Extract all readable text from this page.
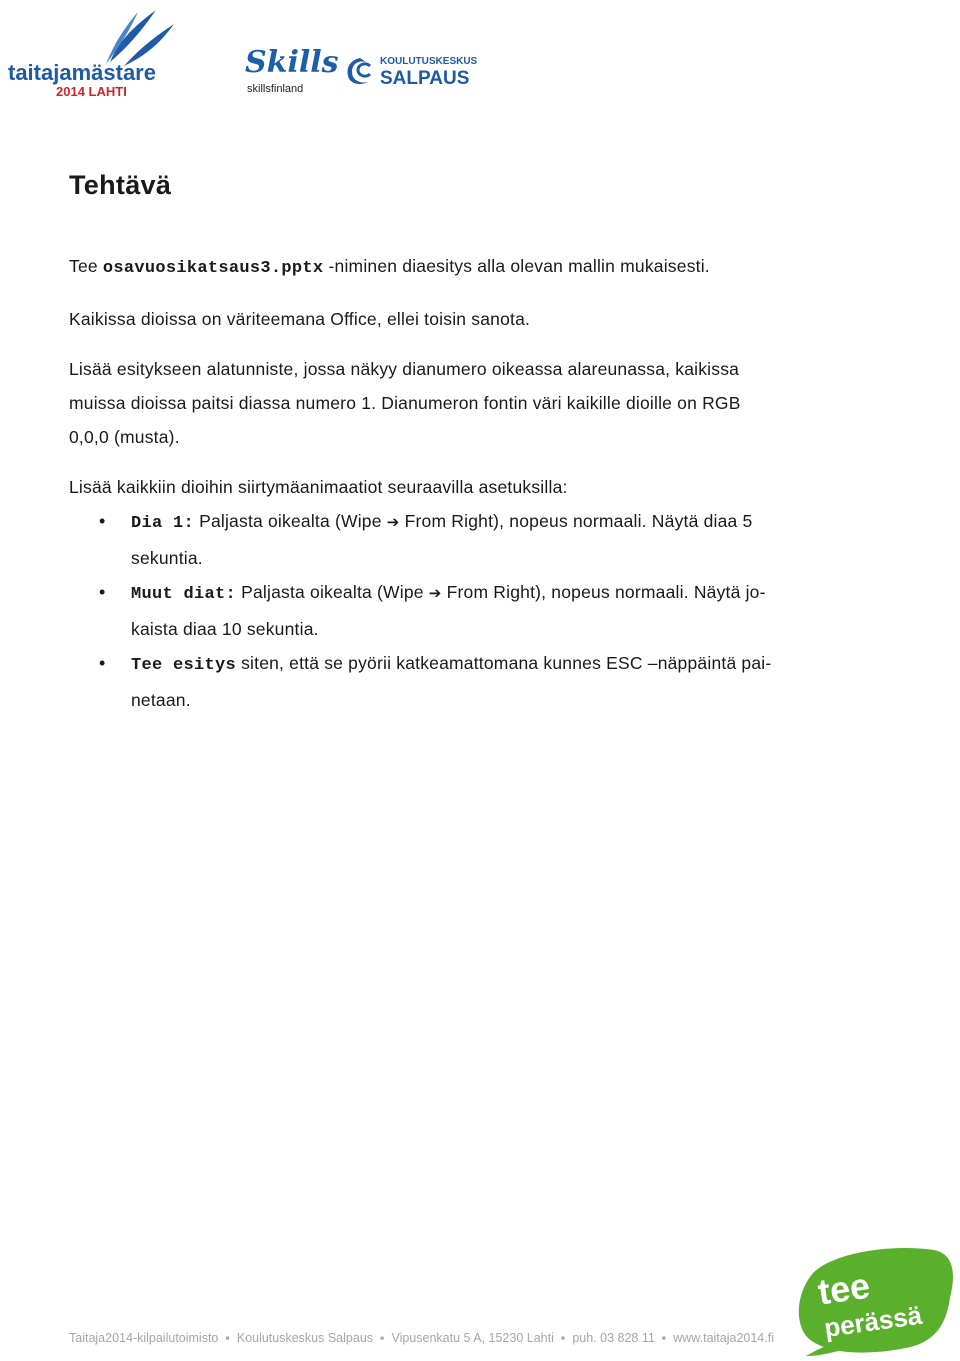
taitajamästare
2014 LAHTI
Skills
skillsfinland
KOULUTUSKESKUS
SALPAUS
Tehtävä

Tee osavuosikatsaus3.pptx -niminen diaesitys alla olevan mallin mukaisesti.

Kaikissa dioissa on väriteemana Office, ellei toisin sanota.

Lisää esitykseen alatunniste, jossa näkyy dianumero oikeassa alareunassa, kaikissa

muissa dioissa paitsi diassa numero 1. Dianumeron fontin väri kaikille dioille on RGB

0,0,0 (musta).

Lisää kaikkiin dioihin siirtymäanimaatiot seuraavilla asetuksilla:

• Dia 1: Paljasta oikealta (Wipe ➔ From Right), nopeus normaali. Näytä diaa 5
sekuntia.
• Muut diat: Paljasta oikealta (Wipe ➔ From Right), nopeus normaali. Näytä jo-
kaista diaa 10 sekuntia.
• Tee esitys siten, että se pyörii katkeamattomana kunnes ESC –näppäintä pai-
netaan.
Taitaja2014-kilpailutoimisto ▪ Koulutuskeskus Salpaus ▪ Vipusenkatu 5 A, 15230 Lahti ▪ puh. 03 828 11 ▪ www.taitaja2014.fi
tee
perässä
